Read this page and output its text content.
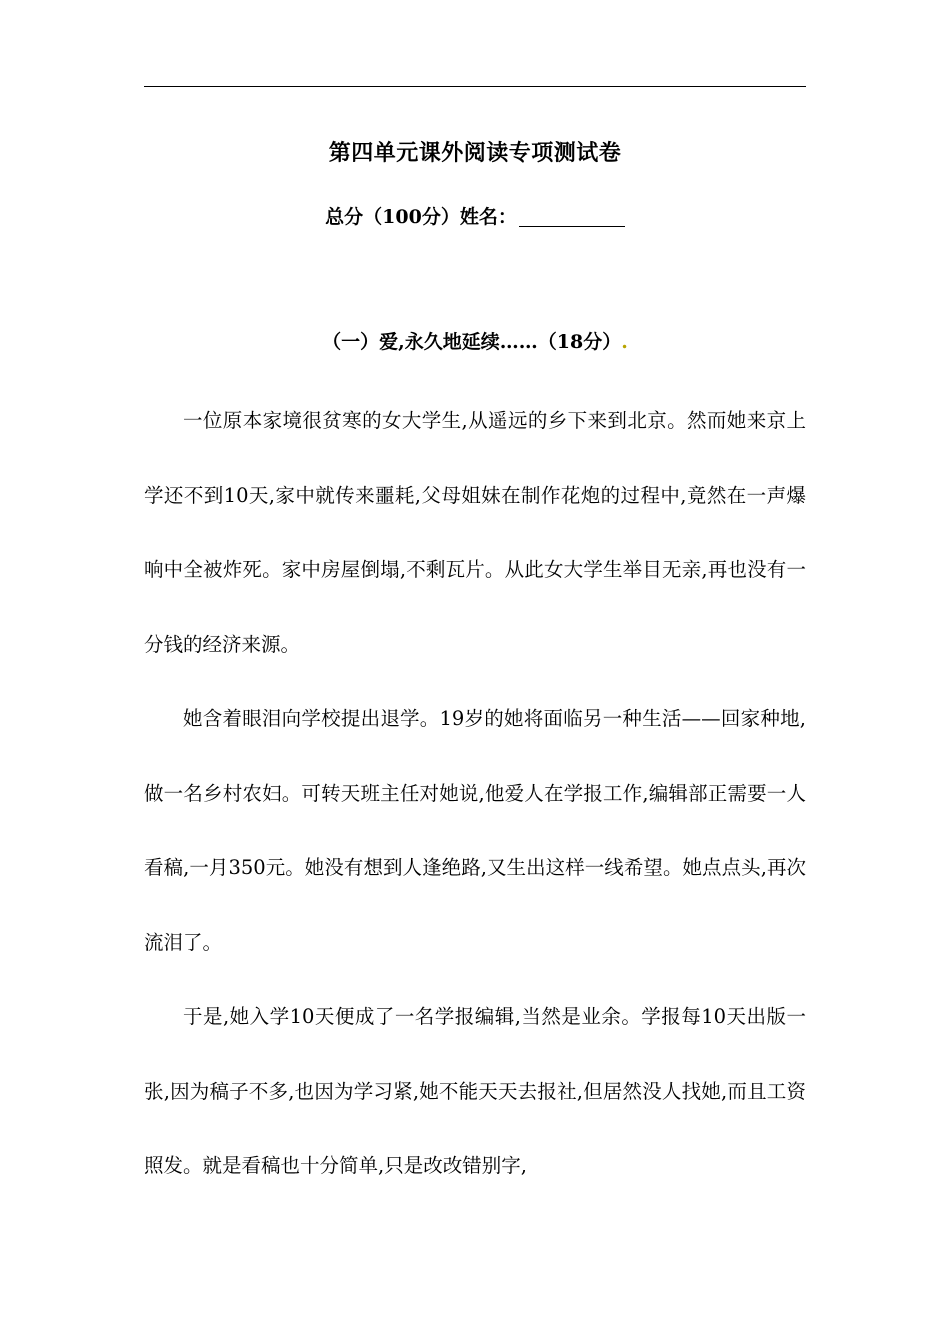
第四单元课外阅读专项测试卷
总分（100分）姓名：
（一）爱,永久地延续……（18分）.

一位原本家境很贫寒的女大学生,从遥远的乡下来到北京。然而她来京上学还不到10天,家中就传来噩耗,父母姐妹在制作花炮的过程中,竟然在一声爆响中全被炸死。家中房屋倒塌,不剩瓦片。从此女大学生举目无亲,再也没有一分钱的经济来源。

她含着眼泪向学校提出退学。19岁的她将面临另一种生活——回家种地,做一名乡村农妇。可转天班主任对她说,他爱人在学报工作,编辑部正需要一人看稿,一月350元。她没有想到人逢绝路,又生出这样一线希望。她点点头,再次流泪了。

于是,她入学10天便成了一名学报编辑,当然是业余。学报每10天出版一张,因为稿子不多,也因为学习紧,她不能天天去报社,但居然没人找她,而且工资照发。就是看稿也十分简单,只是改改错别字,
